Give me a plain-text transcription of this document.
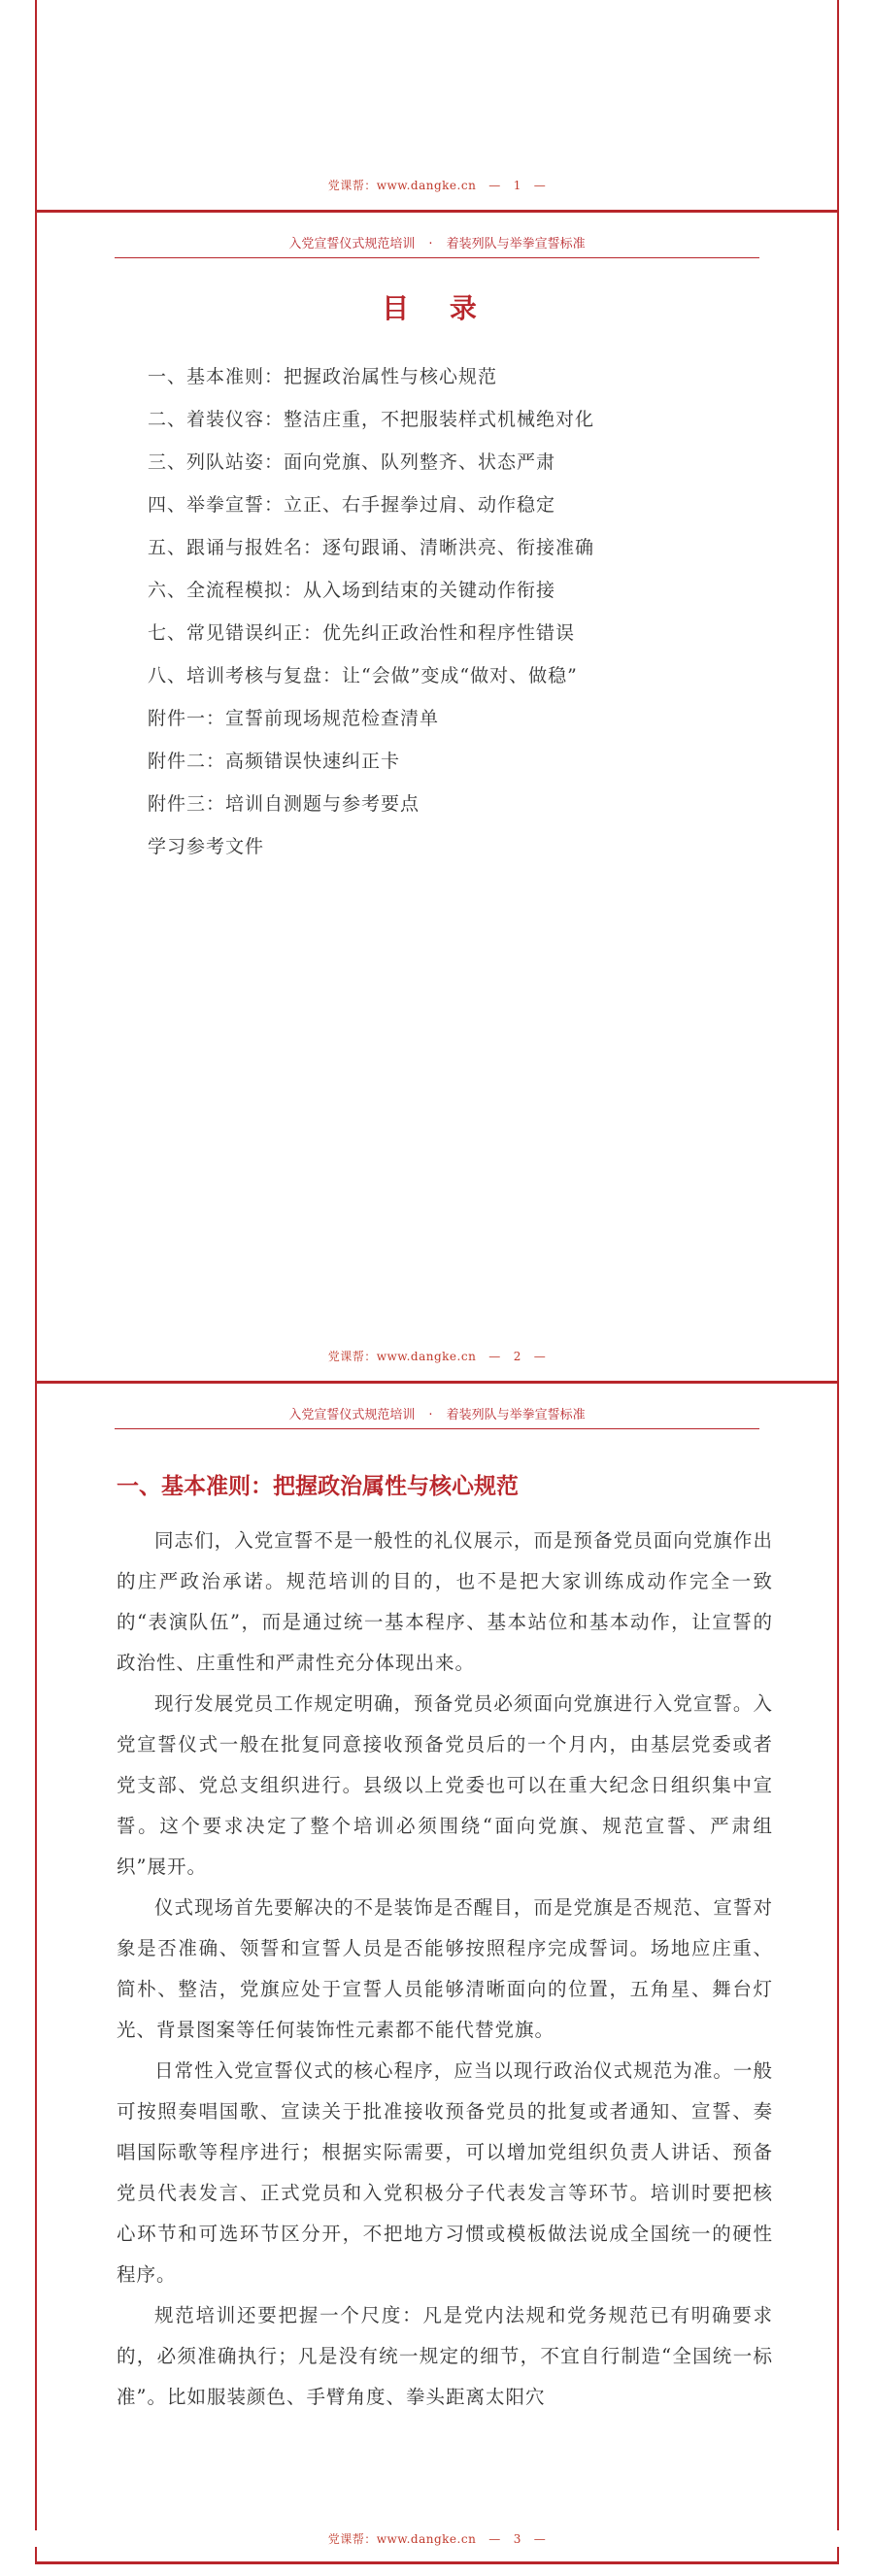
党课帮：www.dangke.cn — 1 —
入党宣誓仪式规范培训 · 着装列队与举拳宣誓标准
目 录
一、基本准则：把握政治属性与核心规范
二、着装仪容：整洁庄重，不把服装样式机械绝对化
三、列队站姿：面向党旗、队列整齐、状态严肃
四、举拳宣誓：立正、右手握拳过肩、动作稳定
五、跟诵与报姓名：逐句跟诵、清晰洪亮、衔接准确
六、全流程模拟：从入场到结束的关键动作衔接
七、常见错误纠正：优先纠正政治性和程序性错误
八、培训考核与复盘：让“会做”变成“做对、做稳”
附件一：宣誓前现场规范检查清单
附件二：高频错误快速纠正卡
附件三：培训自测题与参考要点
学习参考文件
党课帮：www.dangke.cn — 2 —
入党宣誓仪式规范培训 · 着装列队与举拳宣誓标准
一、基本准则：把握政治属性与核心规范

同志们，入党宣誓不是一般性的礼仪展示，而是预备党员面向党旗作出的庄严政治承诺。规范培训的目的，也不是把大家训练成动作完全一致的“表演队伍”，而是通过统一基本程序、基本站位和基本动作，让宣誓的政治性、庄重性和严肃性充分体现出来。

现行发展党员工作规定明确，预备党员必须面向党旗进行入党宣誓。入党宣誓仪式一般在批复同意接收预备党员后的一个月内，由基层党委或者党支部、党总支组织进行。县级以上党委也可以在重大纪念日组织集中宣誓。这个要求决定了整个培训必须围绕“面向党旗、规范宣誓、严肃组织”展开。

仪式现场首先要解决的不是装饰是否醒目，而是党旗是否规范、宣誓对象是否准确、领誓和宣誓人员是否能够按照程序完成誓词。场地应庄重、简朴、整洁，党旗应处于宣誓人员能够清晰面向的位置，五角星、舞台灯光、背景图案等任何装饰性元素都不能代替党旗。

日常性入党宣誓仪式的核心程序，应当以现行政治仪式规范为准。一般可按照奏唱国歌、宣读关于批准接收预备党员的批复或者通知、宣誓、奏唱国际歌等程序进行；根据实际需要，可以增加党组织负责人讲话、预备党员代表发言、正式党员和入党积极分子代表发言等环节。培训时要把核心环节和可选环节区分开，不把地方习惯或模板做法说成全国统一的硬性程序。

规范培训还要把握一个尺度：凡是党内法规和党务规范已有明确要求的，必须准确执行；凡是没有统一规定的细节，不宜自行制造“全国统一标准”。比如服装颜色、手臂角度、拳头距离太阳穴

党课帮：www.dangke.cn — 3 —
